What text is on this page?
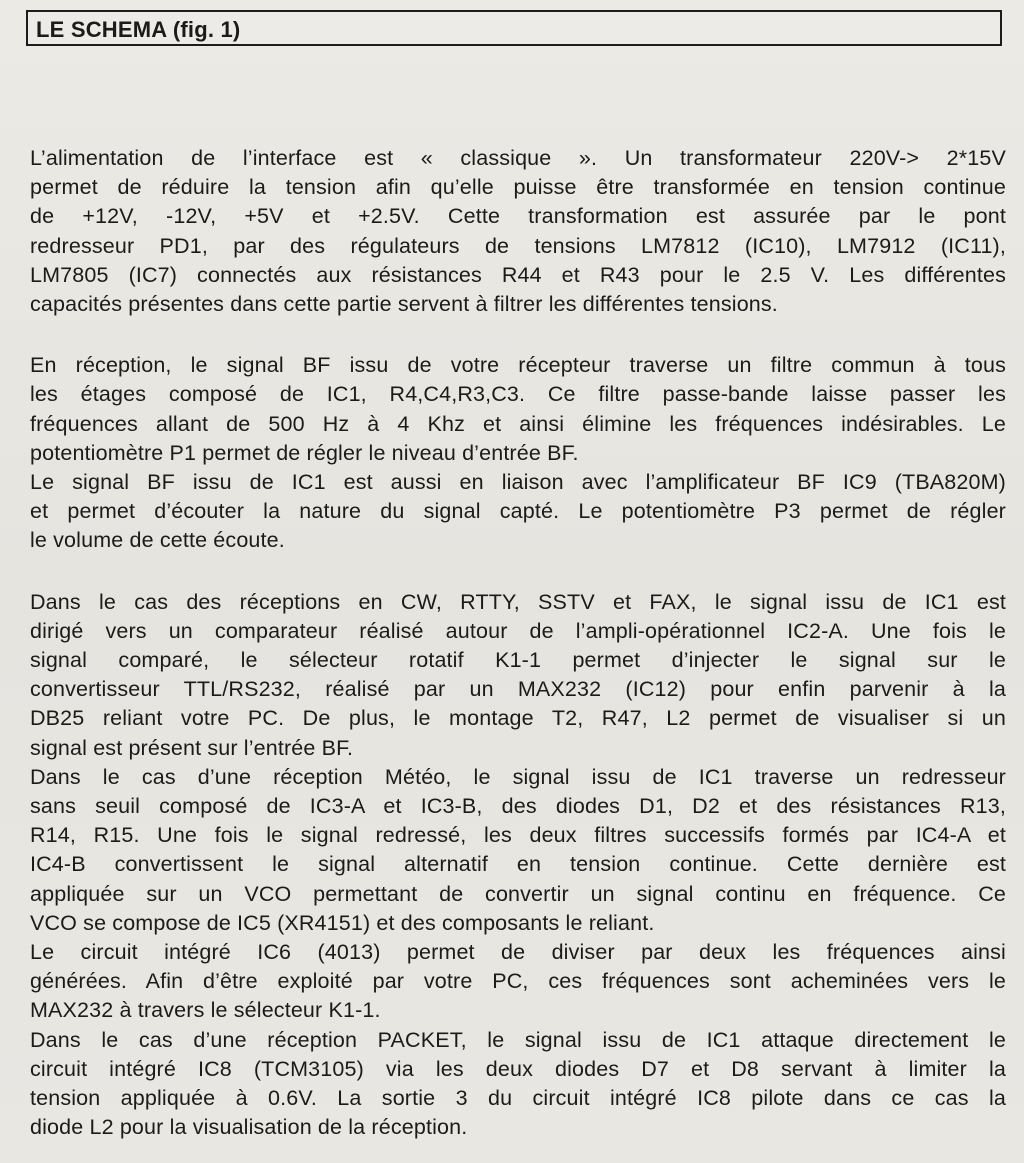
LE SCHEMA (fig. 1)
L’alimentation de l’interface est « classique ». Un transformateur 220V-> 2*15V
permet de réduire la tension afin qu’elle puisse être transformée en tension continue
de +12V, -12V, +5V et +2.5V. Cette transformation est assurée par le pont
redresseur PD1, par des régulateurs de tensions LM7812 (IC10), LM7912 (IC11),
LM7805 (IC7) connectés aux résistances R44 et R43 pour le 2.5 V. Les différentes
capacités présentes dans cette partie servent à filtrer les différentes tensions.
En réception, le signal BF issu de votre récepteur traverse un filtre commun à tous
les étages composé de IC1, R4,C4,R3,C3. Ce filtre passe-bande laisse passer les
fréquences allant de 500 Hz à 4 Khz et ainsi élimine les fréquences indésirables. Le
potentiomètre P1 permet de régler le niveau d’entrée BF.
Le signal BF issu de IC1 est aussi en liaison avec l’amplificateur BF IC9 (TBA820M)
et permet d’écouter la nature du signal capté. Le potentiomètre P3 permet de régler
le volume de cette écoute.
Dans le cas des réceptions en CW, RTTY, SSTV et FAX, le signal issu de IC1 est
dirigé vers un comparateur réalisé autour de l’ampli-opérationnel IC2-A. Une fois le
signal comparé, le sélecteur rotatif K1-1 permet d’injecter le signal sur le
convertisseur TTL/RS232, réalisé par un MAX232 (IC12) pour enfin parvenir à la
DB25 reliant votre PC. De plus, le montage T2, R47, L2 permet de visualiser si un
signal est présent sur l’entrée BF.
Dans le cas d’une réception Météo, le signal issu de IC1 traverse un redresseur
sans seuil composé de IC3-A et IC3-B, des diodes D1, D2 et des résistances R13,
R14, R15. Une fois le signal redressé, les deux filtres successifs formés par IC4-A et
IC4-B convertissent le signal alternatif en tension continue. Cette dernière est
appliquée sur un VCO permettant de convertir un signal continu en fréquence. Ce
VCO se compose de IC5 (XR4151) et des composants le reliant.
Le circuit intégré IC6 (4013) permet de diviser par deux les fréquences ainsi
générées. Afin d’être exploité par votre PC, ces fréquences sont acheminées vers le
MAX232 à travers le sélecteur K1-1.
Dans le cas d’une réception PACKET, le signal issu de IC1 attaque directement le
circuit intégré IC8 (TCM3105) via les deux diodes D7 et D8 servant à limiter la
tension appliquée à 0.6V. La sortie 3 du circuit intégré IC8 pilote dans ce cas la
diode L2 pour la visualisation de la réception.
